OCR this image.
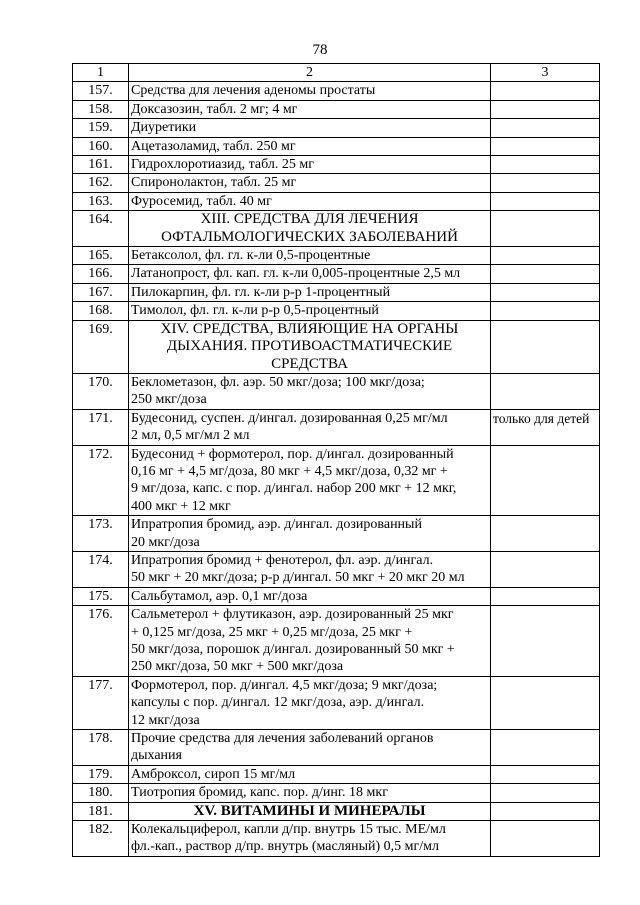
78
1	2	3
157.	Средства для лечения аденомы простаты	

158.	Доксазозин, табл. 2 мг; 4 мг	

159.	Диуретики	

160.	Ацетазоламид, табл. 250 мг	

161.	Гидрохлоротиазид, табл. 25 мг	

162.	Спиронолактон, табл. 25 мг	

163.	Фуросемид, табл. 40 мг	

164.	XIII. СРЕДСТВА ДЛЯ ЛЕЧЕНИЯ
ОФТАЛЬМОЛОГИЧЕСКИХ ЗАБОЛЕВАНИЙ	

165.	Бетаксолол, фл. гл. к-ли 0,5-процентные	

166.	Латанопрост, фл. кап. гл. к-ли 0,005-процентные 2,5 мл	

167.	Пилокарпин, фл. гл. к-ли р-р 1-процентный	

168.	Тимолол, фл. гл. к-ли р-р 0,5-процентный	

169.	XIV. СРЕДСТВА, ВЛИЯЮЩИЕ НА ОРГАНЫ
ДЫХАНИЯ. ПРОТИВОАСТМАТИЧЕСКИЕ
СРЕДСТВА	

170.	Беклометазон, фл. аэр. 50 мкг/доза; 100 мкг/доза;
250 мкг/доза	

171.	Будесонид, суспен. д/ингал. дозированная 0,25 мг/мл
2 мл, 0,5 мг/мл 2 мл	только для детей
172.	Будесонид + формотерол, пор. д/ингал. дозированный
0,16 мг + 4,5 мг/доза, 80 мкг + 4,5 мкг/доза, 0,32 мг +
9 мг/доза, капс. с пор. д/ингал. набор 200 мкг + 12 мкг,
400 мкг + 12 мкг	

173.	Ипратропия бромид, аэр. д/ингал. дозированный
20 мкг/доза	

174.	Ипратропия бромид + фенотерол, фл. аэр. д/ингал.
50 мкг + 20 мкг/доза; р-р д/ингал. 50 мкг + 20 мкг 20 мл	

175.	Сальбутамол, аэр. 0,1 мг/доза	

176.	Сальметерол + флутиказон, аэр. дозированный 25 мкг
+ 0,125 мг/доза, 25 мкг + 0,25 мг/доза, 25 мкг +
50 мкг/доза, порошок д/ингал. дозированный 50 мкг +
250 мкг/доза, 50 мкг + 500 мкг/доза	

177.	Формотерол, пор. д/ингал. 4,5 мкг/доза; 9 мкг/доза;
капсулы с пор. д/ингал. 12 мкг/доза, аэр. д/ингал.
12 мкг/доза	

178.	Прочие средства для лечения заболеваний органов
дыхания	

179.	Амброксол, сироп 15 мг/мл	

180.	Тиотропия бромид, капс. пор. д/инг. 18 мкг	

181.	XV. ВИТАМИНЫ И МИНЕРАЛЫ	

182.	Колекальциферол, капли д/пр. внутрь 15 тыс. МЕ/мл
фл.-кап., раствор д/пр. внутрь (масляный) 0,5 мг/мл	
